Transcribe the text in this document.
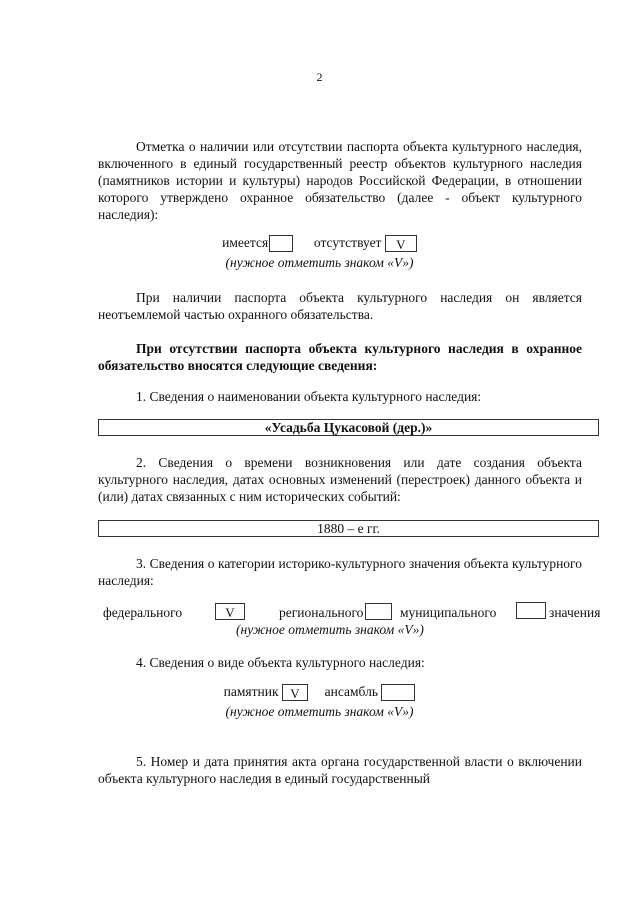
2
Отметка о наличии или отсутствии паспорта объекта культурного наследия, включенного в единый государственный реестр объектов культурного наследия (памятников истории и культуры) народов Российской Федерации, в отношении которого утверждено охранное обязательство (далее - объект культурного наследия):
имеется	отсутствует V
(нужное отметить знаком «V»)
При наличии паспорта объекта культурного наследия он является неотъемлемой частью охранного обязательства.
При отсутствии паспорта объекта культурного наследия в охранное обязательство вносятся следующие сведения:
1. Сведения о наименовании объекта культурного наследия:
«Усадьба Цукасовой (дер.)»
2. Сведения о времени возникновения или дате создания объекта культурного наследия, датах основных изменений (перестроек) данного объекта и (или) датах связанных с ним исторических событий:
1880 – е гг.
3. Сведения о категории историко-культурного значения объекта культурного наследия:
федерального	V	регионального	муниципального	значения
(нужное отметить знаком «V»)
4. Сведения о виде объекта культурного наследия:
памятник V ансамбль
(нужное отметить знаком «V»)
5. Номер и дата принятия акта органа государственной власти о включении объекта культурного наследия в единый государственный
